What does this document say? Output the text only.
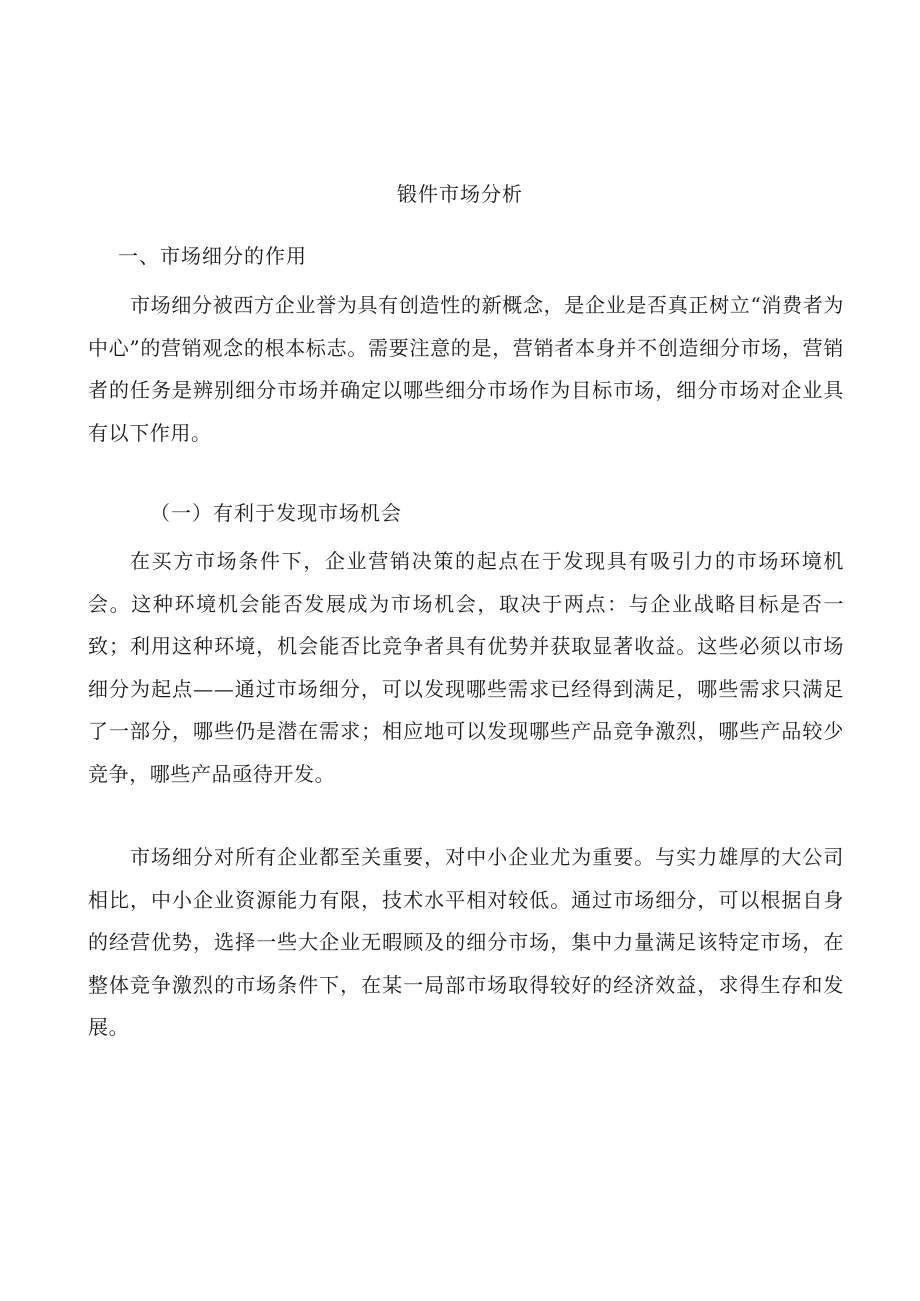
锻件市场分析
一、市场细分的作用

市场细分被西方企业誉为具有创造性的新概念，是企业是否真正树立“消费者为中心”的营销观念的根本标志。需要注意的是，营销者本身并不创造细分市场，营销者的任务是辨别细分市场并确定以哪些细分市场作为目标市场，细分市场对企业具有以下作用。

（一）有利于发现市场机会

在买方市场条件下，企业营销决策的起点在于发现具有吸引力的市场环境机会。这种环境机会能否发展成为市场机会，取决于两点：与企业战略目标是否一致；利用这种环境，机会能否比竞争者具有优势并获取显著收益。这些必须以市场细分为起点——通过市场细分，可以发现哪些需求已经得到满足，哪些需求只满足了一部分，哪些仍是潜在需求；相应地可以发现哪些产品竞争激烈，哪些产品较少竞争，哪些产品亟待开发。

市场细分对所有企业都至关重要，对中小企业尤为重要。与实力雄厚的大公司相比，中小企业资源能力有限，技术水平相对较低。通过市场细分，可以根据自身的经营优势，选择一些大企业无暇顾及的细分市场，集中力量满足该特定市场，在整体竞争激烈的市场条件下，在某一局部市场取得较好的经济效益，求得生存和发展。
